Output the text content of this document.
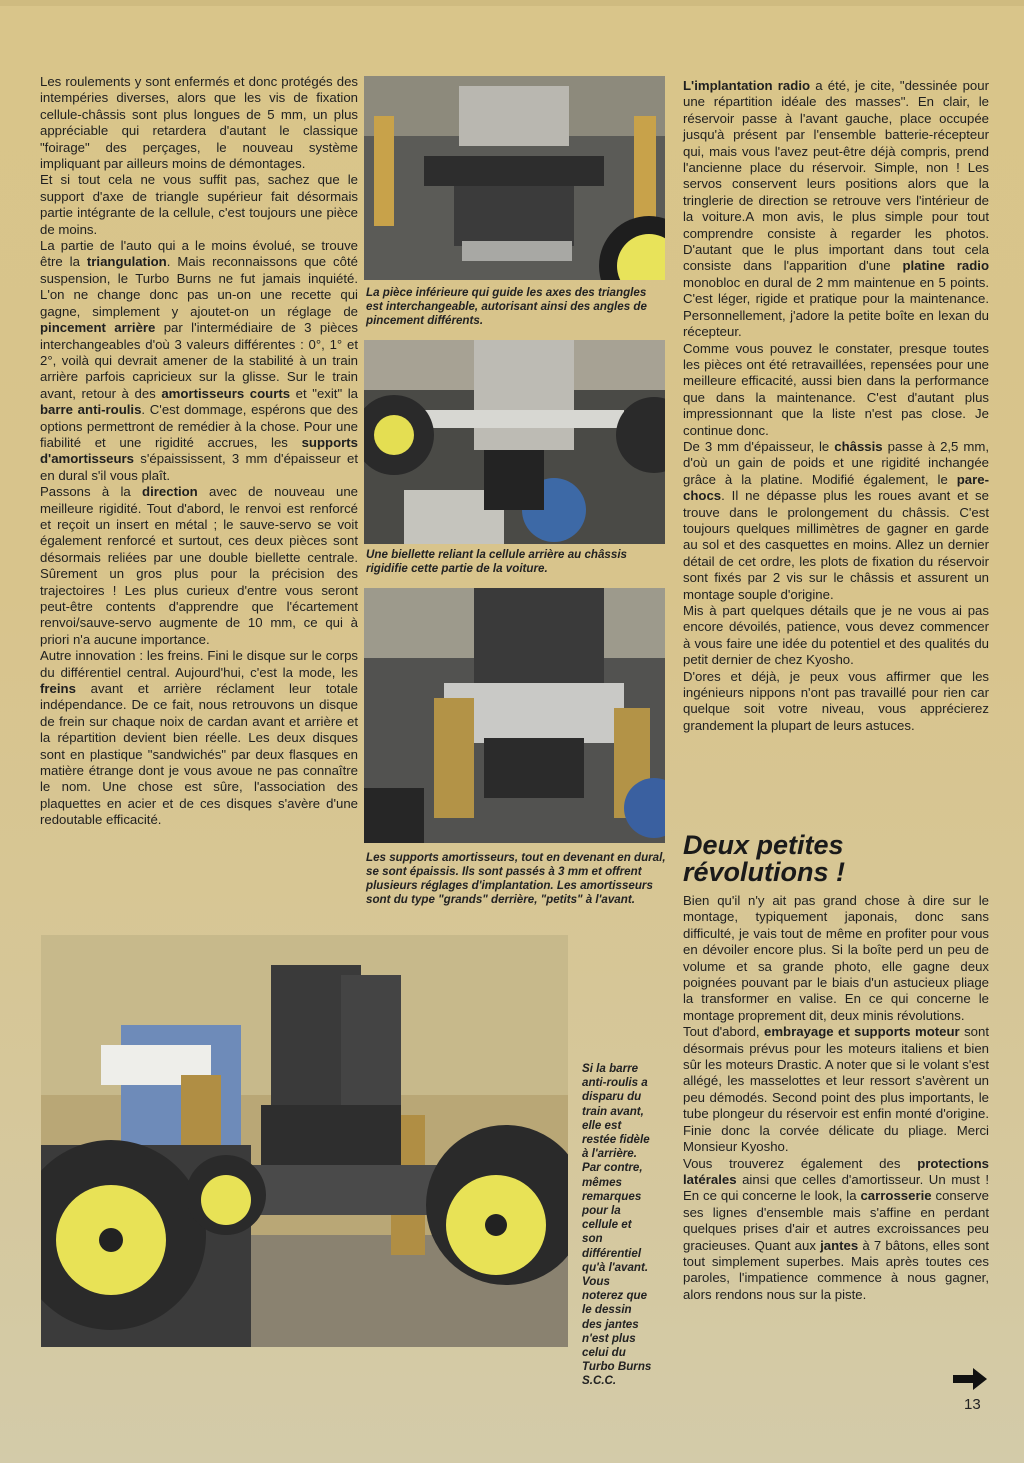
Les roulements y sont enfermés et donc protégés des intempéries diverses, alors que les vis de fixation cellule-châssis sont plus longues de 5 mm, un plus appréciable qui retardera d'autant le classique "foirage" des perçages, le nouveau système impliquant par ailleurs moins de démontages.

Et si tout cela ne vous suffit pas, sachez que le support d'axe de triangle supérieur fait désormais partie intégrante de la cellule, c'est toujours une pièce de moins.

La partie de l'auto qui a le moins évolué, se trouve être la triangulation. Mais reconnaissons que côté suspension, le Turbo Burns ne fut jamais inquiété. L'on ne change donc pas un-on une recette qui gagne, simplement y ajoutet-on un réglage de pincement arrière par l'intermédiaire de 3 pièces interchangeables d'où 3 valeurs différentes : 0°, 1° et 2°, voilà qui devrait amener de la stabilité à un train arrière parfois capricieux sur la glisse. Sur le train avant, retour à des amortisseurs courts et "exit" la barre anti-roulis. C'est dommage, espérons que des options permettront de remédier à la chose. Pour une fiabilité et une rigidité accrues, les supports d'amortisseurs s'épaississent, 3 mm d'épaisseur et en dural s'il vous plaît.

Passons à la direction avec de nouveau une meilleure rigidité. Tout d'abord, le renvoi est renforcé et reçoit un insert en métal ; le sauve-servo se voit également renforcé et surtout, ces deux pièces sont désormais reliées par une double biellette centrale. Sûrement un gros plus pour la précision des trajectoires ! Les plus curieux d'entre vous seront peut-être contents d'apprendre que l'écartement renvoi/sauve-servo augmente de 10 mm, ce qui à priori n'a aucune importance.

Autre innovation : les freins. Fini le disque sur le corps du différentiel central. Aujourd'hui, c'est la mode, les freins avant et arrière réclament leur totale indépendance. De ce fait, nous retrouvons un disque de frein sur chaque noix de cardan avant et arrière et la répartition devient bien réelle. Les deux disques sont en plastique "sandwichés" par deux flasques en matière étrange dont je vous avoue ne pas connaître le nom. Une chose est sûre, l'association des plaquettes en acier et de ces disques s'avère d'une redoutable efficacité.

La pièce inférieure qui guide les axes des triangles est interchangeable, autorisant ainsi des angles de pincement différents.
Une biellette reliant la cellule arrière au châssis rigidifie cette partie de la voiture.
Les supports amortisseurs, tout en devenant en dural, se sont épaissis. Ils sont passés à 3 mm et offrent plusieurs réglages d'implantation. Les amortisseurs sont du type "grands" derrière, "petits" à l'avant.
Si la barre anti-roulis a disparu du train avant, elle est restée fidèle à l'arrière. Par contre, mêmes remarques pour la cellule et son différentiel qu'à l'avant. Vous noterez que le dessin des jantes n'est plus celui du Turbo Burns S.C.C.

L'implantation radio a été, je cite, "dessinée pour une répartition idéale des masses". En clair, le réservoir passe à l'avant gauche, place occupée jusqu'à présent par l'ensemble batterie-récepteur qui, mais vous l'avez peut-être déjà compris, prend l'ancienne place du réservoir. Simple, non ! Les servos conservent leurs positions alors que la tringlerie de direction se retrouve vers l'intérieur de la voiture.A mon avis, le plus simple pour tout comprendre consiste à regarder les photos. D'autant que le plus important dans tout cela consiste dans l'apparition d'une platine radio monobloc en dural de 2 mm maintenue en 5 points. C'est léger, rigide et pratique pour la maintenance. Personnellement, j'adore la petite boîte en lexan du récepteur.

Comme vous pouvez le constater, presque toutes les pièces ont été retravaillées, repensées pour une meilleure efficacité, aussi bien dans la performance que dans la maintenance. C'est d'autant plus impressionnant que la liste n'est pas close. Je continue donc.

De 3 mm d'épaisseur, le châssis passe à 2,5 mm, d'où un gain de poids et une rigidité inchangée grâce à la platine. Modifié également, le pare-chocs. Il ne dépasse plus les roues avant et se trouve dans le prolongement du châssis. C'est toujours quelques millimètres de gagner en garde au sol et des casquettes en moins. Allez un dernier détail de cet ordre, les plots de fixation du réservoir sont fixés par 2 vis sur le châssis et assurent un montage souple d'origine.

Mis à part quelques détails que je ne vous ai pas encore dévoilés, patience, vous devez commencer à vous faire une idée du potentiel et des qualités du petit dernier de chez Kyosho.

D'ores et déjà, je peux vous affirmer que les ingénieurs nippons n'ont pas travaillé pour rien car quelque soit votre niveau, vous apprécierez grandement la plupart de leurs astuces.

Deux petites
révolutions !

Bien qu'il n'y ait pas grand chose à dire sur le montage, typiquement japonais, donc sans difficulté, je vais tout de même en profiter pour vous en dévoiler encore plus. Si la boîte perd un peu de volume et sa grande photo, elle gagne deux poignées pouvant par le biais d'un astucieux pliage la transformer en valise. En ce qui concerne le montage proprement dit, deux minis révolutions.

Tout d'abord, embrayage et supports moteur sont désormais prévus pour les moteurs italiens et bien sûr les moteurs Drastic. A noter que si le volant s'est allégé, les masselottes et leur ressort s'avèrent un peu démodés. Second point des plus importants, le tube plongeur du réservoir est enfin monté d'origine. Finie donc la corvée délicate du pliage. Merci Monsieur Kyosho.

Vous trouverez également des protections latérales ainsi que celles d'amortisseur. Un must ! En ce qui concerne le look, la carrosserie conserve ses lignes d'ensemble mais s'affine en perdant quelques prises d'air et autres excroissances peu gracieuses. Quant aux jantes à 7 bâtons, elles sont tout simplement superbes. Mais après toutes ces paroles, l'impatience commence à nous gagner, alors rendons nous sur la piste.

13
